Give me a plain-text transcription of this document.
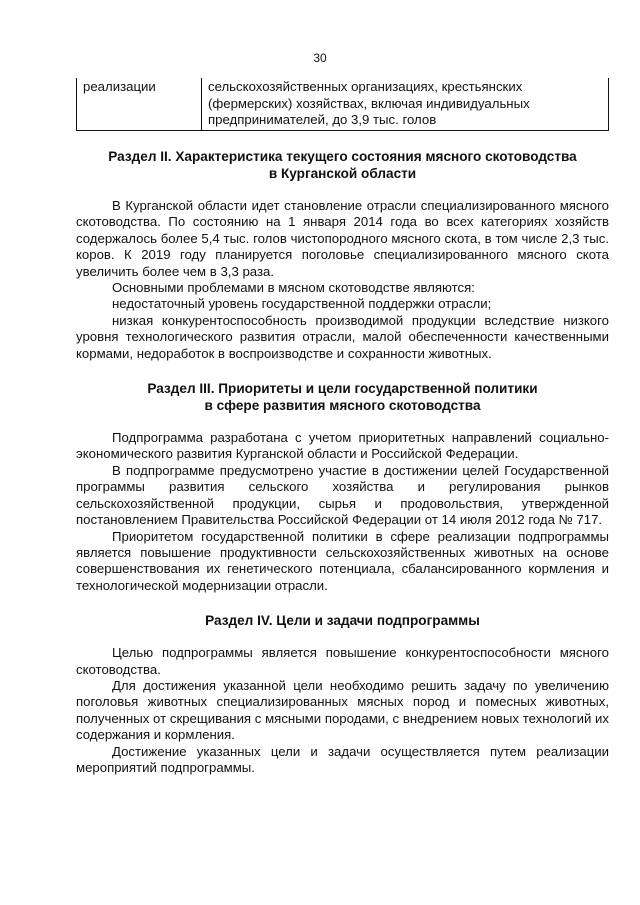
30
реализации	сельскохозяйственных организациях, крестьянских (фермерских) хозяйствах, включая индивидуальных предпринимателей, до 3,9 тыс. голов
Раздел II. Характеристика текущего состояния мясного скотоводства
в Курганской области

В Курганской области идет становление отрасли специализированного мясного скотоводства. По состоянию на 1 января 2014 года во всех категориях хозяйств содержалось более 5,4 тыс. голов чистопородного мясного скота, в том числе 2,3 тыс. коров. К 2019 году планируется поголовье специализированного мясного скота увеличить более чем в 3,3 раза.

Основными проблемами в мясном скотоводстве являются:

недостаточный уровень государственной поддержки отрасли;

низкая конкурентоспособность производимой продукции вследствие низкого уровня технологического развития отрасли, малой обеспеченности качественными кормами, недоработок в воспроизводстве и сохранности животных.

Раздел III. Приоритеты и цели государственной политики
в сфере развития мясного скотоводства

Подпрограмма разработана с учетом приоритетных направлений социально-экономического развития Курганской области и Российской Федерации.

В подпрограмме предусмотрено участие в достижении целей Государственной программы развития сельского хозяйства и регулирования рынков сельскохозяйственной продукции, сырья и продовольствия, утвержденной постановлением Правительства Российской Федерации от 14 июля 2012 года № 717.

Приоритетом государственной политики в сфере реализации подпрограммы является повышение продуктивности сельскохозяйственных животных на основе совершенствования их генетического потенциала, сбалансированного кормления и технологической модернизации отрасли.

Раздел IV. Цели и задачи подпрограммы

Целью подпрограммы является повышение конкурентоспособности мясного скотоводства.

Для достижения указанной цели необходимо решить задачу по увеличению поголовья животных специализированных мясных пород и помесных животных, полученных от скрещивания с мясными породами, с внедрением новых технологий их содержания и кормления.

Достижение указанных цели и задачи осуществляется путем реализации мероприятий подпрограммы.
